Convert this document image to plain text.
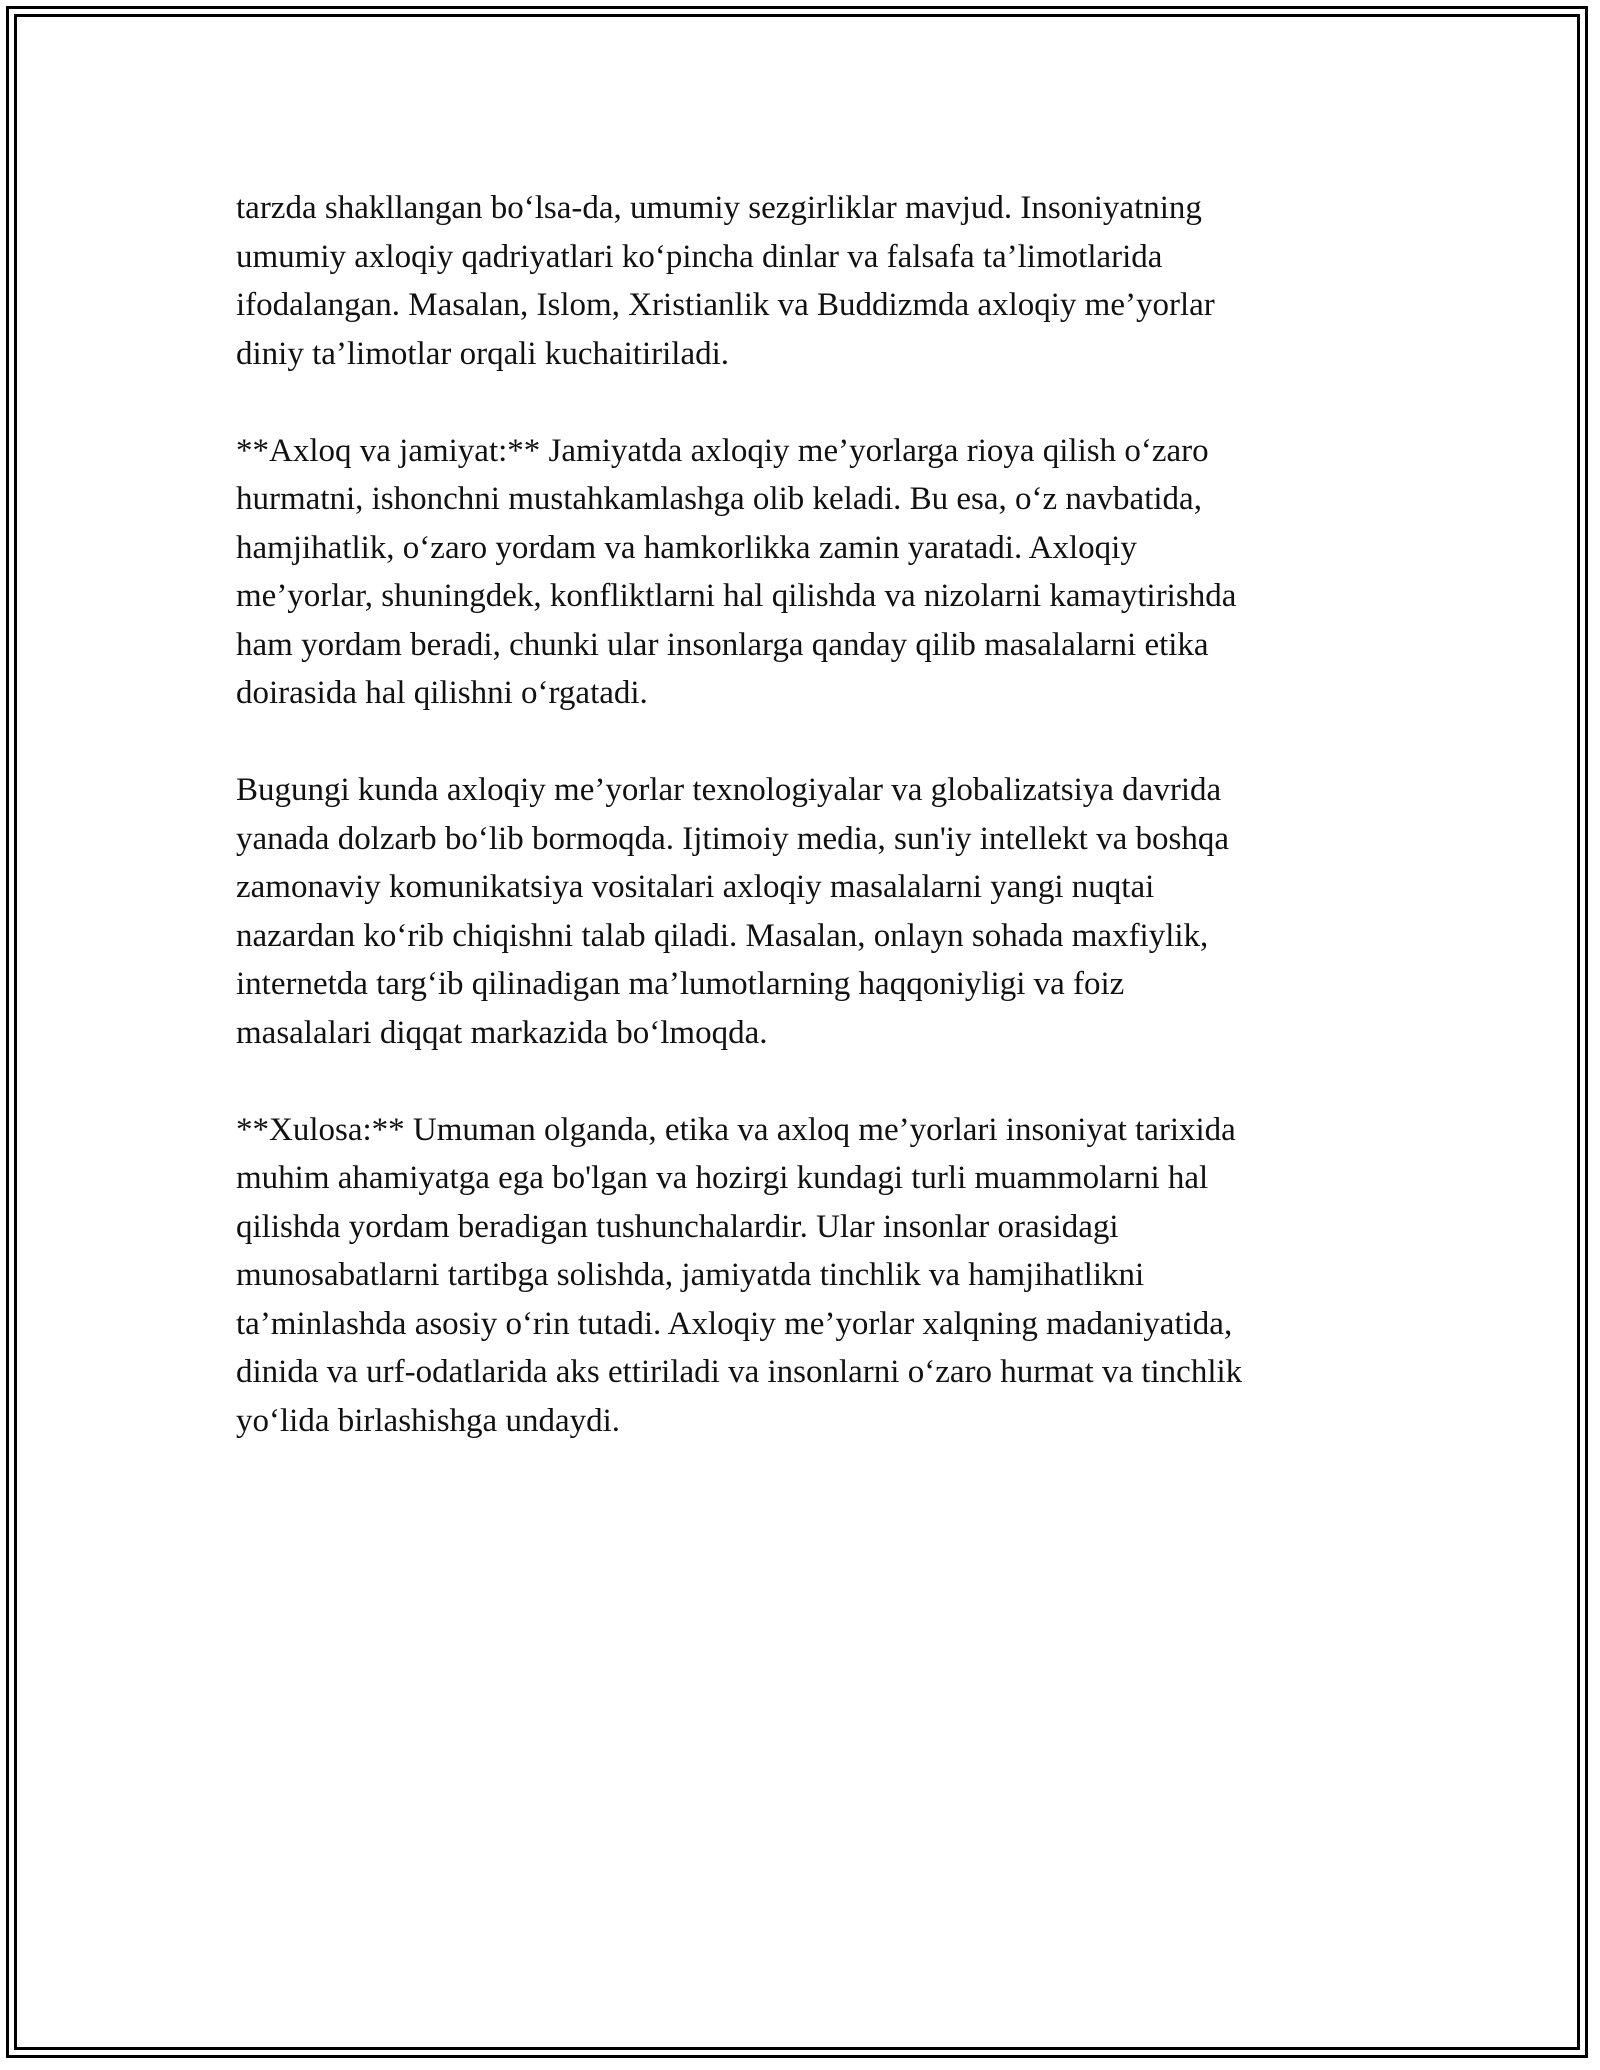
tarzda shakllangan bo‘lsa-da, umumiy sezgirliklar mavjud. Insoniyatning
umumiy axloqiy qadriyatlari ko‘pincha dinlar va falsafa ta’limotlarida
ifodalangan. Masalan, Islom, Xristianlik va Buddizmda axloqiy me’yorlar
diniy ta’limotlar orqali kuchaitiriladi.
**Axloq va jamiyat:** Jamiyatda axloqiy me’yorlarga rioya qilish o‘zaro
hurmatni, ishonchni mustahkamlashga olib keladi. Bu esa, o‘z navbatida,
hamjihatlik, o‘zaro yordam va hamkorlikka zamin yaratadi. Axloqiy
me’yorlar, shuningdek, konfliktlarni hal qilishda va nizolarni kamaytirishda
ham yordam beradi, chunki ular insonlarga qanday qilib masalalarni etika
doirasida hal qilishni o‘rgatadi.
Bugungi kunda axloqiy me’yorlar texnologiyalar va globalizatsiya davrida
yanada dolzarb bo‘lib bormoqda. Ijtimoiy media, sun'iy intellekt va boshqa
zamonaviy komunikatsiya vositalari axloqiy masalalarni yangi nuqtai
nazardan ko‘rib chiqishni talab qiladi. Masalan, onlayn sohada maxfiylik,
internetda targ‘ib qilinadigan ma’lumotlarning haqqoniyligi va foiz
masalalari diqqat markazida bo‘lmoqda.
**Xulosa:** Umuman olganda, etika va axloq me’yorlari insoniyat tarixida
muhim ahamiyatga ega bo'lgan va hozirgi kundagi turli muammolarni hal
qilishda yordam beradigan tushunchalardir. Ular insonlar orasidagi
munosabatlarni tartibga solishda, jamiyatda tinchlik va hamjihatlikni
ta’minlashda asosiy o‘rin tutadi. Axloqiy me’yorlar xalqning madaniyatida,
dinida va urf-odatlarida aks ettiriladi va insonlarni o‘zaro hurmat va tinchlik
yo‘lida birlashishga undaydi.
